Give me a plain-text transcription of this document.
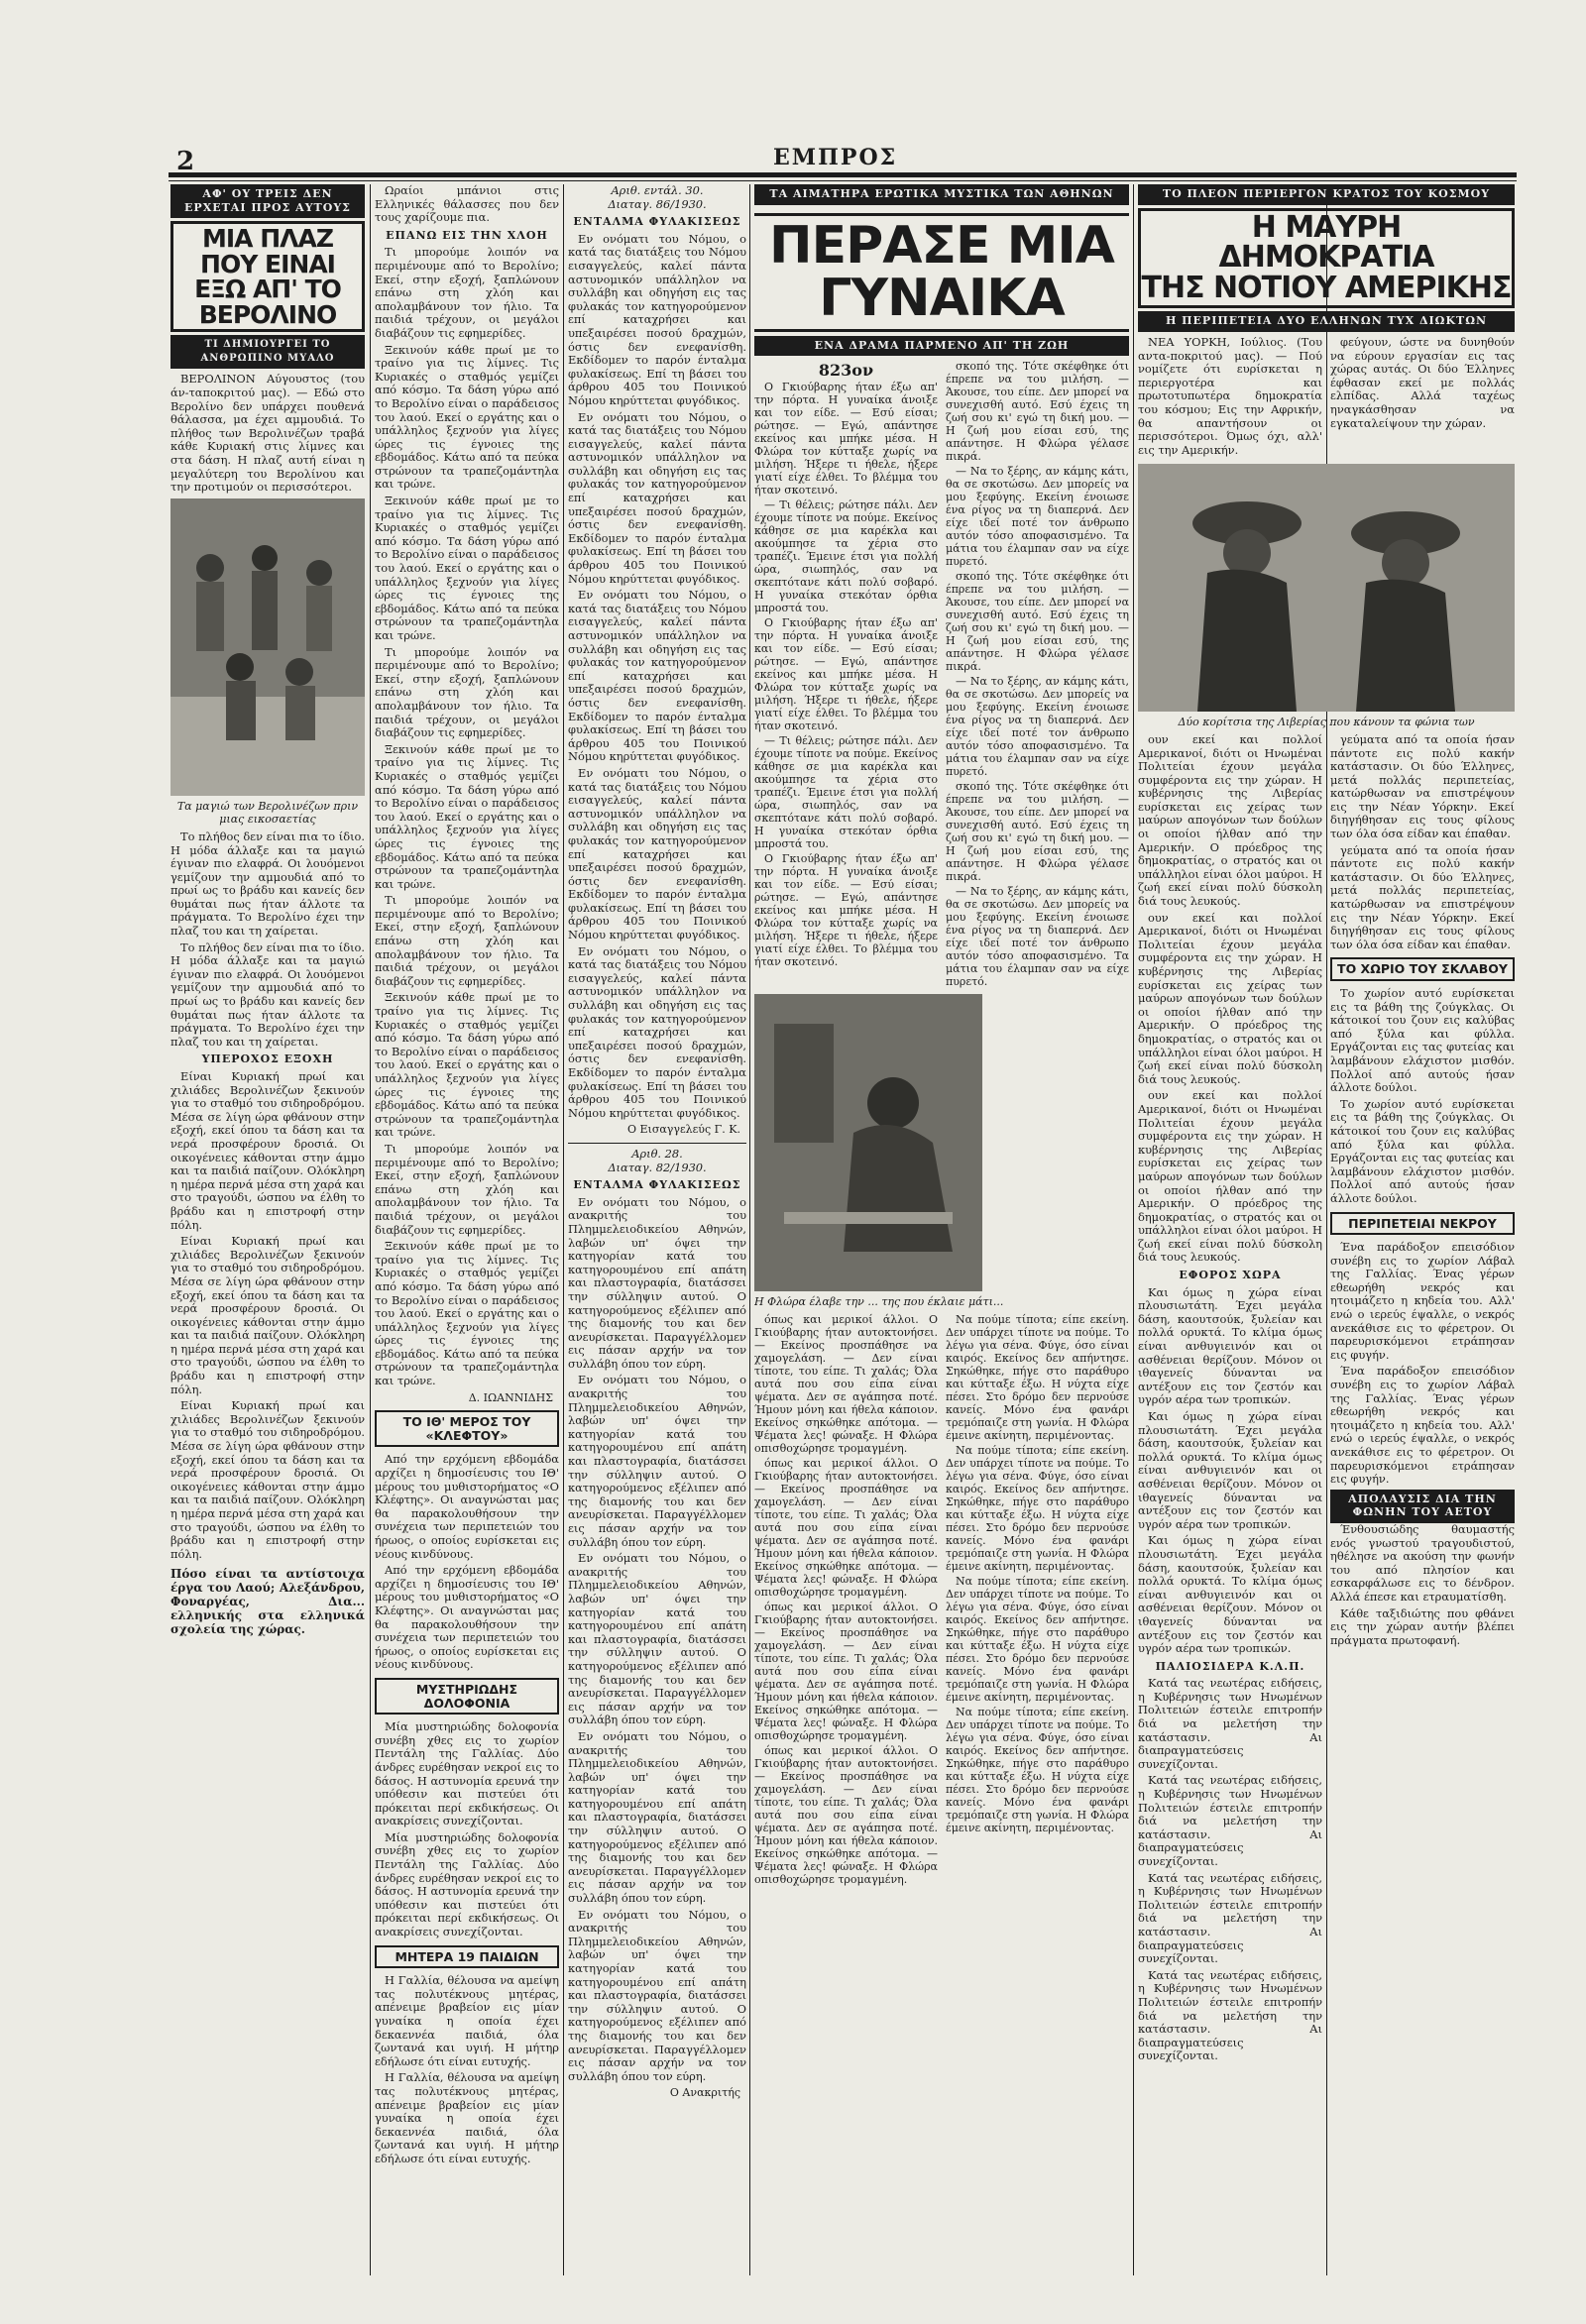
2	ΕΜΠΡΟΣ
ΑΦ' ΟΥ ΤΡΕΙΣ ΔΕΝ ΕΡΧΕΤΑΙ ΠΡΟΣ ΑΥΤΟΥΣ
ΜΙΑ ΠΛΑΖ ΠΟΥ ΕΙΝΑΙ
ΕΞΩ ΑΠ' ΤΟ ΒΕΡΟΛΙΝΟ
ΤΙ ΔΗΜΙΟΥΡΓΕΙ ΤΟ ΑΝΘΡΩΠΙΝΟ ΜΥΑΛΟ

ΒΕΡΟΛΙΝΟΝ Αύγουστος (του άν-ταποκριτού μας). — Εδώ στο Βερολίνο δεν υπάρχει πουθενά θάλασσα, μα έχει αμμουδιά. Το πλήθος των Βερολινέζων τραβά κάθε Κυριακή στις λίμνες και στα δάση. Η πλαζ αυτή είναι η μεγαλύτερη του Βερολίνου και την προτιμούν οι περισσότεροι.

Τα μαγιώ των Βερολινέζων πριν μιας εικοσαετίας

Το πλήθος δεν είναι πια το ίδιο. Η μόδα άλλαξε και τα μαγιώ έγιναν πιο ελαφρά. Οι λουόμενοι γεμίζουν την αμμουδιά από το πρωί ως το βράδυ και κανείς δεν θυμάται πως ήταν άλλοτε τα πράγματα. Το Βερολίνο έχει την πλαζ του και τη χαίρεται.

Το πλήθος δεν είναι πια το ίδιο. Η μόδα άλλαξε και τα μαγιώ έγιναν πιο ελαφρά. Οι λουόμενοι γεμίζουν την αμμουδιά από το πρωί ως το βράδυ και κανείς δεν θυμάται πως ήταν άλλοτε τα πράγματα. Το Βερολίνο έχει την πλαζ του και τη χαίρεται.

ΥΠΕΡΟΧΟΣ ΕΞΟΧΗ

Είναι Κυριακή πρωί και χιλιάδες Βερολινέζων ξεκινούν για το σταθμό του σιδηροδρόμου. Μέσα σε λίγη ώρα φθάνουν στην εξοχή, εκεί όπου τα δάση και τα νερά προσφέρουν δροσιά. Οι οικογένειες κάθονται στην άμμο και τα παιδιά παίζουν. Ολόκληρη η ημέρα περνά μέσα στη χαρά και στο τραγούδι, ώσπου να έλθη το βράδυ και η επιστροφή στην πόλη.

Είναι Κυριακή πρωί και χιλιάδες Βερολινέζων ξεκινούν για το σταθμό του σιδηροδρόμου. Μέσα σε λίγη ώρα φθάνουν στην εξοχή, εκεί όπου τα δάση και τα νερά προσφέρουν δροσιά. Οι οικογένειες κάθονται στην άμμο και τα παιδιά παίζουν. Ολόκληρη η ημέρα περνά μέσα στη χαρά και στο τραγούδι, ώσπου να έλθη το βράδυ και η επιστροφή στην πόλη.

Είναι Κυριακή πρωί και χιλιάδες Βερολινέζων ξεκινούν για το σταθμό του σιδηροδρόμου. Μέσα σε λίγη ώρα φθάνουν στην εξοχή, εκεί όπου τα δάση και τα νερά προσφέρουν δροσιά. Οι οικογένειες κάθονται στην άμμο και τα παιδιά παίζουν. Ολόκληρη η ημέρα περνά μέσα στη χαρά και στο τραγούδι, ώσπου να έλθη το βράδυ και η επιστροφή στην πόλη.

Πόσο είναι τα αντίστοιχα έργα του Λαού; Αλεξάνδρου, Φοναργέας, Δια... ελληνικής στα ελληνικά σχολεία της χώρας.

Ωραίοι μπάνιοι στις Ελληνικές θάλασσες που δεν τους χαρίζουμε πια.

ΕΠΑΝΩ ΕΙΣ ΤΗΝ ΧΛΟΗ

Τι μπορούμε λοιπόν να περιμένουμε από το Βερολίνο; Εκεί, στην εξοχή, ξαπλώνουν επάνω στη χλόη και απολαμβάνουν τον ήλιο. Τα παιδιά τρέχουν, οι μεγάλοι διαβάζουν τις εφημερίδες.

Ξεκινούν κάθε πρωί με το τραίνο για τις λίμνες. Τις Κυριακές ο σταθμός γεμίζει από κόσμο. Τα δάση γύρω από το Βερολίνο είναι ο παράδεισος του λαού. Εκεί ο εργάτης και ο υπάλληλος ξεχνούν για λίγες ώρες τις έγνοιες της εβδομάδος. Κάτω από τα πεύκα στρώνουν τα τραπεζομάντηλα και τρώνε.

Ξεκινούν κάθε πρωί με το τραίνο για τις λίμνες. Τις Κυριακές ο σταθμός γεμίζει από κόσμο. Τα δάση γύρω από το Βερολίνο είναι ο παράδεισος του λαού. Εκεί ο εργάτης και ο υπάλληλος ξεχνούν για λίγες ώρες τις έγνοιες της εβδομάδος. Κάτω από τα πεύκα στρώνουν τα τραπεζομάντηλα και τρώνε.

Τι μπορούμε λοιπόν να περιμένουμε από το Βερολίνο; Εκεί, στην εξοχή, ξαπλώνουν επάνω στη χλόη και απολαμβάνουν τον ήλιο. Τα παιδιά τρέχουν, οι μεγάλοι διαβάζουν τις εφημερίδες.

Ξεκινούν κάθε πρωί με το τραίνο για τις λίμνες. Τις Κυριακές ο σταθμός γεμίζει από κόσμο. Τα δάση γύρω από το Βερολίνο είναι ο παράδεισος του λαού. Εκεί ο εργάτης και ο υπάλληλος ξεχνούν για λίγες ώρες τις έγνοιες της εβδομάδος. Κάτω από τα πεύκα στρώνουν τα τραπεζομάντηλα και τρώνε.

Τι μπορούμε λοιπόν να περιμένουμε από το Βερολίνο; Εκεί, στην εξοχή, ξαπλώνουν επάνω στη χλόη και απολαμβάνουν τον ήλιο. Τα παιδιά τρέχουν, οι μεγάλοι διαβάζουν τις εφημερίδες.

Ξεκινούν κάθε πρωί με το τραίνο για τις λίμνες. Τις Κυριακές ο σταθμός γεμίζει από κόσμο. Τα δάση γύρω από το Βερολίνο είναι ο παράδεισος του λαού. Εκεί ο εργάτης και ο υπάλληλος ξεχνούν για λίγες ώρες τις έγνοιες της εβδομάδος. Κάτω από τα πεύκα στρώνουν τα τραπεζομάντηλα και τρώνε.

Τι μπορούμε λοιπόν να περιμένουμε από το Βερολίνο; Εκεί, στην εξοχή, ξαπλώνουν επάνω στη χλόη και απολαμβάνουν τον ήλιο. Τα παιδιά τρέχουν, οι μεγάλοι διαβάζουν τις εφημερίδες.

Ξεκινούν κάθε πρωί με το τραίνο για τις λίμνες. Τις Κυριακές ο σταθμός γεμίζει από κόσμο. Τα δάση γύρω από το Βερολίνο είναι ο παράδεισος του λαού. Εκεί ο εργάτης και ο υπάλληλος ξεχνούν για λίγες ώρες τις έγνοιες της εβδομάδος. Κάτω από τα πεύκα στρώνουν τα τραπεζομάντηλα και τρώνε.

Δ. ΙΩΑΝΝΙΔΗΣ
ΤΟ ΙΘ' ΜΕΡΟΣ ΤΟΥ «ΚΛΕΦΤΟΥ»

Από την ερχόμενη εβδομάδα αρχίζει η δημοσίευσις του ΙΘ' μέρους του μυθιστορήματος «Ο Κλέφτης». Οι αναγνώσται μας θα παρακολουθήσουν την συνέχεια των περιπετειών του ήρωος, ο οποίος ευρίσκεται εις νέους κινδύνους.

Από την ερχόμενη εβδομάδα αρχίζει η δημοσίευσις του ΙΘ' μέρους του μυθιστορήματος «Ο Κλέφτης». Οι αναγνώσται μας θα παρακολουθήσουν την συνέχεια των περιπετειών του ήρωος, ο οποίος ευρίσκεται εις νέους κινδύνους.

ΜΥΣΤΗΡΙΩΔΗΣ ΔΟΛΟΦΟΝΙΑ

Μία μυστηριώδης δολοφονία συνέβη χθες εις το χωρίον Πεντάλη της Γαλλίας. Δύο άνδρες ευρέθησαν νεκροί εις το δάσος. Η αστυνομία ερευνά την υπόθεσιν και πιστεύει ότι πρόκειται περί εκδικήσεως. Οι ανακρίσεις συνεχίζονται.

Μία μυστηριώδης δολοφονία συνέβη χθες εις το χωρίον Πεντάλη της Γαλλίας. Δύο άνδρες ευρέθησαν νεκροί εις το δάσος. Η αστυνομία ερευνά την υπόθεσιν και πιστεύει ότι πρόκειται περί εκδικήσεως. Οι ανακρίσεις συνεχίζονται.

ΜΗΤΕΡΑ 19 ΠΑΙΔΙΩΝ

Η Γαλλία, θέλουσα να αμείψη τας πολυτέκνους μητέρας, απένειμε βραβείον εις μίαν γυναίκα η οποία έχει δεκαεννέα παιδιά, όλα ζωντανά και υγιή. Η μήτηρ εδήλωσε ότι είναι ευτυχής.

Η Γαλλία, θέλουσα να αμείψη τας πολυτέκνους μητέρας, απένειμε βραβείον εις μίαν γυναίκα η οποία έχει δεκαεννέα παιδιά, όλα ζωντανά και υγιή. Η μήτηρ εδήλωσε ότι είναι ευτυχής.

Αριθ. εντάλ. 30.
Διαταγ. 86/1930.
ΕΝΤΑΛΜΑ ΦΥΛΑΚΙΣΕΩΣ

Εν ονόματι του Νόμου, ο κατά τας διατάξεις του Νόμου εισαγγελεύς, καλεί πάντα αστυνομικόν υπάλληλον να συλλάβη και οδηγήση εις τας φυλακάς τον κατηγορούμενον επί καταχρήσει και υπεξαιρέσει ποσού δραχμών, όστις δεν ενεφανίσθη. Εκδίδομεν το παρόν ένταλμα φυλακίσεως. Επί τη βάσει του άρθρου 405 του Ποινικού Νόμου κηρύττεται φυγόδικος.

Εν ονόματι του Νόμου, ο κατά τας διατάξεις του Νόμου εισαγγελεύς, καλεί πάντα αστυνομικόν υπάλληλον να συλλάβη και οδηγήση εις τας φυλακάς τον κατηγορούμενον επί καταχρήσει και υπεξαιρέσει ποσού δραχμών, όστις δεν ενεφανίσθη. Εκδίδομεν το παρόν ένταλμα φυλακίσεως. Επί τη βάσει του άρθρου 405 του Ποινικού Νόμου κηρύττεται φυγόδικος.

Εν ονόματι του Νόμου, ο κατά τας διατάξεις του Νόμου εισαγγελεύς, καλεί πάντα αστυνομικόν υπάλληλον να συλλάβη και οδηγήση εις τας φυλακάς τον κατηγορούμενον επί καταχρήσει και υπεξαιρέσει ποσού δραχμών, όστις δεν ενεφανίσθη. Εκδίδομεν το παρόν ένταλμα φυλακίσεως. Επί τη βάσει του άρθρου 405 του Ποινικού Νόμου κηρύττεται φυγόδικος.

Εν ονόματι του Νόμου, ο κατά τας διατάξεις του Νόμου εισαγγελεύς, καλεί πάντα αστυνομικόν υπάλληλον να συλλάβη και οδηγήση εις τας φυλακάς τον κατηγορούμενον επί καταχρήσει και υπεξαιρέσει ποσού δραχμών, όστις δεν ενεφανίσθη. Εκδίδομεν το παρόν ένταλμα φυλακίσεως. Επί τη βάσει του άρθρου 405 του Ποινικού Νόμου κηρύττεται φυγόδικος.

Εν ονόματι του Νόμου, ο κατά τας διατάξεις του Νόμου εισαγγελεύς, καλεί πάντα αστυνομικόν υπάλληλον να συλλάβη και οδηγήση εις τας φυλακάς τον κατηγορούμενον επί καταχρήσει και υπεξαιρέσει ποσού δραχμών, όστις δεν ενεφανίσθη. Εκδίδομεν το παρόν ένταλμα φυλακίσεως. Επί τη βάσει του άρθρου 405 του Ποινικού Νόμου κηρύττεται φυγόδικος.

Ο Εισαγγελεύς Γ. Κ.
Αριθ. 28.
Διαταγ. 82/1930.
ΕΝΤΑΛΜΑ ΦΥΛΑΚΙΣΕΩΣ

Εν ονόματι του Νόμου, ο ανακριτής του Πλημμελειοδικείου Αθηνών, λαβών υπ' όψει την κατηγορίαν κατά του κατηγορουμένου επί απάτη και πλαστογραφία, διατάσσει την σύλληψιν αυτού. Ο κατηγορούμενος εξέλιπεν από της διαμονής του και δεν ανευρίσκεται. Παραγγέλλομεν εις πάσαν αρχήν να τον συλλάβη όπου τον εύρη.

Εν ονόματι του Νόμου, ο ανακριτής του Πλημμελειοδικείου Αθηνών, λαβών υπ' όψει την κατηγορίαν κατά του κατηγορουμένου επί απάτη και πλαστογραφία, διατάσσει την σύλληψιν αυτού. Ο κατηγορούμενος εξέλιπεν από της διαμονής του και δεν ανευρίσκεται. Παραγγέλλομεν εις πάσαν αρχήν να τον συλλάβη όπου τον εύρη.

Εν ονόματι του Νόμου, ο ανακριτής του Πλημμελειοδικείου Αθηνών, λαβών υπ' όψει την κατηγορίαν κατά του κατηγορουμένου επί απάτη και πλαστογραφία, διατάσσει την σύλληψιν αυτού. Ο κατηγορούμενος εξέλιπεν από της διαμονής του και δεν ανευρίσκεται. Παραγγέλλομεν εις πάσαν αρχήν να τον συλλάβη όπου τον εύρη.

Εν ονόματι του Νόμου, ο ανακριτής του Πλημμελειοδικείου Αθηνών, λαβών υπ' όψει την κατηγορίαν κατά του κατηγορουμένου επί απάτη και πλαστογραφία, διατάσσει την σύλληψιν αυτού. Ο κατηγορούμενος εξέλιπεν από της διαμονής του και δεν ανευρίσκεται. Παραγγέλλομεν εις πάσαν αρχήν να τον συλλάβη όπου τον εύρη.

Εν ονόματι του Νόμου, ο ανακριτής του Πλημμελειοδικείου Αθηνών, λαβών υπ' όψει την κατηγορίαν κατά του κατηγορουμένου επί απάτη και πλαστογραφία, διατάσσει την σύλληψιν αυτού. Ο κατηγορούμενος εξέλιπεν από της διαμονής του και δεν ανευρίσκεται. Παραγγέλλομεν εις πάσαν αρχήν να τον συλλάβη όπου τον εύρη.

Ο Ανακριτής
ΤΑ ΑΙΜΑΤΗΡΑ ΕΡΩΤΙΚΑ ΜΥΣΤΙΚΑ ΤΩΝ ΑΘΗΝΩΝ
ΠΕΡΑΣΕ ΜΙΑ ΓΥΝΑΙΚΑ
ΕΝΑ ΔΡΑΜΑ ΠΑΡΜΕΝΟ ΑΠ' ΤΗ ΖΩΗ
823ον

Ο Γκιούβαρης ήταν έξω απ' την πόρτα. Η γυναίκα άνοιξε και τον είδε. — Εσύ είσαι; ρώτησε. — Εγώ, απάντησε εκείνος και μπήκε μέσα. Η Φλώρα τον κύτταξε χωρίς να μιλήση. Ήξερε τι ήθελε, ήξερε γιατί είχε έλθει. Το βλέμμα του ήταν σκοτεινό.

— Τι θέλεις; ρώτησε πάλι. Δεν έχουμε τίποτε να πούμε. Εκείνος κάθησε σε μια καρέκλα και ακούμπησε τα χέρια στο τραπέζι. Έμεινε έτσι για πολλή ώρα, σιωπηλός, σαν να σκεπτότανε κάτι πολύ σοβαρό. Η γυναίκα στεκόταν όρθια μπροστά του.

Ο Γκιούβαρης ήταν έξω απ' την πόρτα. Η γυναίκα άνοιξε και τον είδε. — Εσύ είσαι; ρώτησε. — Εγώ, απάντησε εκείνος και μπήκε μέσα. Η Φλώρα τον κύτταξε χωρίς να μιλήση. Ήξερε τι ήθελε, ήξερε γιατί είχε έλθει. Το βλέμμα του ήταν σκοτεινό.

— Τι θέλεις; ρώτησε πάλι. Δεν έχουμε τίποτε να πούμε. Εκείνος κάθησε σε μια καρέκλα και ακούμπησε τα χέρια στο τραπέζι. Έμεινε έτσι για πολλή ώρα, σιωπηλός, σαν να σκεπτότανε κάτι πολύ σοβαρό. Η γυναίκα στεκόταν όρθια μπροστά του.

Ο Γκιούβαρης ήταν έξω απ' την πόρτα. Η γυναίκα άνοιξε και τον είδε. — Εσύ είσαι; ρώτησε. — Εγώ, απάντησε εκείνος και μπήκε μέσα. Η Φλώρα τον κύτταξε χωρίς να μιλήση. Ήξερε τι ήθελε, ήξερε γιατί είχε έλθει. Το βλέμμα του ήταν σκοτεινό.

σκοπό της. Τότε σκέφθηκε ότι έπρεπε να του μιλήση. — Άκουσε, του είπε. Δεν μπορεί να συνεχισθή αυτό. Εσύ έχεις τη ζωή σου κι' εγώ τη δική μου. — Η ζωή μου είσαι εσύ, της απάντησε. Η Φλώρα γέλασε πικρά.

— Να το ξέρης, αν κάμης κάτι, θα σε σκοτώσω. Δεν μπορείς να μου ξεφύγης. Εκείνη ένοιωσε ένα ρίγος να τη διαπερνά. Δεν είχε ιδεί ποτέ τον άνθρωπο αυτόν τόσο αποφασισμένο. Τα μάτια του έλαμπαν σαν να είχε πυρετό.

σκοπό της. Τότε σκέφθηκε ότι έπρεπε να του μιλήση. — Άκουσε, του είπε. Δεν μπορεί να συνεχισθή αυτό. Εσύ έχεις τη ζωή σου κι' εγώ τη δική μου. — Η ζωή μου είσαι εσύ, της απάντησε. Η Φλώρα γέλασε πικρά.

— Να το ξέρης, αν κάμης κάτι, θα σε σκοτώσω. Δεν μπορείς να μου ξεφύγης. Εκείνη ένοιωσε ένα ρίγος να τη διαπερνά. Δεν είχε ιδεί ποτέ τον άνθρωπο αυτόν τόσο αποφασισμένο. Τα μάτια του έλαμπαν σαν να είχε πυρετό.

σκοπό της. Τότε σκέφθηκε ότι έπρεπε να του μιλήση. — Άκουσε, του είπε. Δεν μπορεί να συνεχισθή αυτό. Εσύ έχεις τη ζωή σου κι' εγώ τη δική μου. — Η ζωή μου είσαι εσύ, της απάντησε. Η Φλώρα γέλασε πικρά.

— Να το ξέρης, αν κάμης κάτι, θα σε σκοτώσω. Δεν μπορείς να μου ξεφύγης. Εκείνη ένοιωσε ένα ρίγος να τη διαπερνά. Δεν είχε ιδεί ποτέ τον άνθρωπο αυτόν τόσο αποφασισμένο. Τα μάτια του έλαμπαν σαν να είχε πυρετό.

Η Φλώρα έλαβε την ... της που έκλαιε μάτι...

όπως και μερικοί άλλοι. Ο Γκιούβαρης ήταν αυτοκτονήσει. — Εκείνος προσπάθησε να χαμογελάση. — Δεν είναι τίποτε, του είπε. Τι χαλάς; Όλα αυτά που σου είπα είναι ψέματα. Δεν σε αγάπησα ποτέ. Ήμουν μόνη και ήθελα κάποιον. Εκείνος σηκώθηκε απότομα. — Ψέματα λες! φώναξε. Η Φλώρα οπισθοχώρησε τρομαγμένη.

όπως και μερικοί άλλοι. Ο Γκιούβαρης ήταν αυτοκτονήσει. — Εκείνος προσπάθησε να χαμογελάση. — Δεν είναι τίποτε, του είπε. Τι χαλάς; Όλα αυτά που σου είπα είναι ψέματα. Δεν σε αγάπησα ποτέ. Ήμουν μόνη και ήθελα κάποιον. Εκείνος σηκώθηκε απότομα. — Ψέματα λες! φώναξε. Η Φλώρα οπισθοχώρησε τρομαγμένη.

όπως και μερικοί άλλοι. Ο Γκιούβαρης ήταν αυτοκτονήσει. — Εκείνος προσπάθησε να χαμογελάση. — Δεν είναι τίποτε, του είπε. Τι χαλάς; Όλα αυτά που σου είπα είναι ψέματα. Δεν σε αγάπησα ποτέ. Ήμουν μόνη και ήθελα κάποιον. Εκείνος σηκώθηκε απότομα. — Ψέματα λες! φώναξε. Η Φλώρα οπισθοχώρησε τρομαγμένη.

όπως και μερικοί άλλοι. Ο Γκιούβαρης ήταν αυτοκτονήσει. — Εκείνος προσπάθησε να χαμογελάση. — Δεν είναι τίποτε, του είπε. Τι χαλάς; Όλα αυτά που σου είπα είναι ψέματα. Δεν σε αγάπησα ποτέ. Ήμουν μόνη και ήθελα κάποιον. Εκείνος σηκώθηκε απότομα. — Ψέματα λες! φώναξε. Η Φλώρα οπισθοχώρησε τρομαγμένη.

Να πούμε τίποτα; είπε εκείνη. Δεν υπάρχει τίποτε να πούμε. Το λέγω για σένα. Φύγε, όσο είναι καιρός. Εκείνος δεν απήντησε. Σηκώθηκε, πήγε στο παράθυρο και κύτταξε έξω. Η νύχτα είχε πέσει. Στο δρόμο δεν περνούσε κανείς. Μόνο ένα φανάρι τρεμόπαιζε στη γωνία. Η Φλώρα έμεινε ακίνητη, περιμένοντας.

Να πούμε τίποτα; είπε εκείνη. Δεν υπάρχει τίποτε να πούμε. Το λέγω για σένα. Φύγε, όσο είναι καιρός. Εκείνος δεν απήντησε. Σηκώθηκε, πήγε στο παράθυρο και κύτταξε έξω. Η νύχτα είχε πέσει. Στο δρόμο δεν περνούσε κανείς. Μόνο ένα φανάρι τρεμόπαιζε στη γωνία. Η Φλώρα έμεινε ακίνητη, περιμένοντας.

Να πούμε τίποτα; είπε εκείνη. Δεν υπάρχει τίποτε να πούμε. Το λέγω για σένα. Φύγε, όσο είναι καιρός. Εκείνος δεν απήντησε. Σηκώθηκε, πήγε στο παράθυρο και κύτταξε έξω. Η νύχτα είχε πέσει. Στο δρόμο δεν περνούσε κανείς. Μόνο ένα φανάρι τρεμόπαιζε στη γωνία. Η Φλώρα έμεινε ακίνητη, περιμένοντας.

Να πούμε τίποτα; είπε εκείνη. Δεν υπάρχει τίποτε να πούμε. Το λέγω για σένα. Φύγε, όσο είναι καιρός. Εκείνος δεν απήντησε. Σηκώθηκε, πήγε στο παράθυρο και κύτταξε έξω. Η νύχτα είχε πέσει. Στο δρόμο δεν περνούσε κανείς. Μόνο ένα φανάρι τρεμόπαιζε στη γωνία. Η Φλώρα έμεινε ακίνητη, περιμένοντας.

ΤΟ ΠΛΕΟΝ ΠΕΡΙΕΡΓΟΝ ΚΡΑΤΟΣ ΤΟΥ ΚΟΣΜΟΥ
Η ΜΑΥΡΗ ΔΗΜΟΚΡΑΤΙΑ
ΤΗΣ ΝΟΤΙΟΥ ΑΜΕΡΙΚΗΣ
Η ΠΕΡΙΠΕΤΕΙΑ ΔΥΟ ΕΛΛΗΝΩΝ ΤΥΧ ΔΙΩΚΤΩΝ

ΝΕΑ ΥΟΡΚΗ, Ιούλιος. (Του αντα-ποκριτού μας). — Πού νομίζετε ότι ευρίσκεται η περιεργοτέρα και πρωτοτυπωτέρα δημοκρατία του κόσμου; Εις την Αφρικήν, θα απαντήσουν οι περισσότεροι. Όμως όχι, αλλ' εις την Αμερικήν.

φεύγουν, ώστε να δυνηθούν να εύρουν εργασίαν εις τας χώρας αυτάς. Οι δύο Έλληνες έφθασαν εκεί με πολλάς ελπίδας. Αλλά ταχέως ηναγκάσθησαν να εγκαταλείψουν την χώραν.

Δύο κορίτσια της Λιβερίας που κάνουν τα φώνια των

ουν εκεί και πολλοί Αμερικανοί, διότι οι Ηνωμέναι Πολιτείαι έχουν μεγάλα συμφέροντα εις την χώραν. Η κυβέρνησις της Λιβερίας ευρίσκεται εις χείρας των μαύρων απογόνων των δούλων οι οποίοι ήλθαν από την Αμερικήν. Ο πρόεδρος της δημοκρατίας, ο στρατός και οι υπάλληλοι είναι όλοι μαύροι. Η ζωή εκεί είναι πολύ δύσκολη διά τους λευκούς.

ουν εκεί και πολλοί Αμερικανοί, διότι οι Ηνωμέναι Πολιτείαι έχουν μεγάλα συμφέροντα εις την χώραν. Η κυβέρνησις της Λιβερίας ευρίσκεται εις χείρας των μαύρων απογόνων των δούλων οι οποίοι ήλθαν από την Αμερικήν. Ο πρόεδρος της δημοκρατίας, ο στρατός και οι υπάλληλοι είναι όλοι μαύροι. Η ζωή εκεί είναι πολύ δύσκολη διά τους λευκούς.

ουν εκεί και πολλοί Αμερικανοί, διότι οι Ηνωμέναι Πολιτείαι έχουν μεγάλα συμφέροντα εις την χώραν. Η κυβέρνησις της Λιβερίας ευρίσκεται εις χείρας των μαύρων απογόνων των δούλων οι οποίοι ήλθαν από την Αμερικήν. Ο πρόεδρος της δημοκρατίας, ο στρατός και οι υπάλληλοι είναι όλοι μαύροι. Η ζωή εκεί είναι πολύ δύσκολη διά τους λευκούς.

ΕΦΟΡΟΣ ΧΩΡΑ

Και όμως η χώρα είναι πλουσιωτάτη. Έχει μεγάλα δάση, καουτσούκ, ξυλείαν και πολλά ορυκτά. Το κλίμα όμως είναι ανθυγιεινόν και οι ασθένειαι θερίζουν. Μόνον οι ιθαγενείς δύνανται να αντέξουν εις τον ζεστόν και υγρόν αέρα των τροπικών.

Και όμως η χώρα είναι πλουσιωτάτη. Έχει μεγάλα δάση, καουτσούκ, ξυλείαν και πολλά ορυκτά. Το κλίμα όμως είναι ανθυγιεινόν και οι ασθένειαι θερίζουν. Μόνον οι ιθαγενείς δύνανται να αντέξουν εις τον ζεστόν και υγρόν αέρα των τροπικών.

Και όμως η χώρα είναι πλουσιωτάτη. Έχει μεγάλα δάση, καουτσούκ, ξυλείαν και πολλά ορυκτά. Το κλίμα όμως είναι ανθυγιεινόν και οι ασθένειαι θερίζουν. Μόνον οι ιθαγενείς δύνανται να αντέξουν εις τον ζεστόν και υγρόν αέρα των τροπικών.

ΠΑΛΙΟΣΙΔΕΡΑ Κ.Λ.Π.

Κατά τας νεωτέρας ειδήσεις, η Κυβέρνησις των Ηνωμένων Πολιτειών έστειλε επιτροπήν διά να μελετήση την κατάστασιν. Αι διαπραγματεύσεις συνεχίζονται.

Κατά τας νεωτέρας ειδήσεις, η Κυβέρνησις των Ηνωμένων Πολιτειών έστειλε επιτροπήν διά να μελετήση την κατάστασιν. Αι διαπραγματεύσεις συνεχίζονται.

Κατά τας νεωτέρας ειδήσεις, η Κυβέρνησις των Ηνωμένων Πολιτειών έστειλε επιτροπήν διά να μελετήση την κατάστασιν. Αι διαπραγματεύσεις συνεχίζονται.

Κατά τας νεωτέρας ειδήσεις, η Κυβέρνησις των Ηνωμένων Πολιτειών έστειλε επιτροπήν διά να μελετήση την κατάστασιν. Αι διαπραγματεύσεις συνεχίζονται.

γεύματα από τα οποία ήσαν πάντοτε εις πολύ κακήν κατάστασιν. Οι δύο Έλληνες, μετά πολλάς περιπετείας, κατώρθωσαν να επιστρέψουν εις την Νέαν Υόρκην. Εκεί διηγήθησαν εις τους φίλους των όλα όσα είδαν και έπαθαν.

γεύματα από τα οποία ήσαν πάντοτε εις πολύ κακήν κατάστασιν. Οι δύο Έλληνες, μετά πολλάς περιπετείας, κατώρθωσαν να επιστρέψουν εις την Νέαν Υόρκην. Εκεί διηγήθησαν εις τους φίλους των όλα όσα είδαν και έπαθαν.

ΤΟ ΧΩΡΙΟ ΤΟΥ ΣΚΛΑΒΟΥ

Το χωρίον αυτό ευρίσκεται εις τα βάθη της ζούγκλας. Οι κάτοικοί του ζουν εις καλύβας από ξύλα και φύλλα. Εργάζονται εις τας φυτείας και λαμβάνουν ελάχιστον μισθόν. Πολλοί από αυτούς ήσαν άλλοτε δούλοι.

Το χωρίον αυτό ευρίσκεται εις τα βάθη της ζούγκλας. Οι κάτοικοί του ζουν εις καλύβας από ξύλα και φύλλα. Εργάζονται εις τας φυτείας και λαμβάνουν ελάχιστον μισθόν. Πολλοί από αυτούς ήσαν άλλοτε δούλοι.

ΠΕΡΙΠΕΤΕΙΑΙ ΝΕΚΡΟΥ

Ένα παράδοξον επεισόδιον συνέβη εις το χωρίον Λάβαλ της Γαλλίας. Ένας γέρων εθεωρήθη νεκρός και ητοιμάζετο η κηδεία του. Αλλ' ενώ ο ιερεύς έψαλλε, ο νεκρός ανεκάθισε εις το φέρετρον. Οι παρευρισκόμενοι ετράπησαν εις φυγήν.

Ένα παράδοξον επεισόδιον συνέβη εις το χωρίον Λάβαλ της Γαλλίας. Ένας γέρων εθεωρήθη νεκρός και ητοιμάζετο η κηδεία του. Αλλ' ενώ ο ιερεύς έψαλλε, ο νεκρός ανεκάθισε εις το φέρετρον. Οι παρευρισκόμενοι ετράπησαν εις φυγήν.

ΑΠΟΛΑΥΣΙΣ ΔΙΑ ΤΗΝ ΦΩΝΗΝ ΤΟΥ ΑΕΤΟΥ

Ένθουσιώδης θαυμαστής ενός γνωστού τραγουδιστού, ηθέλησε να ακούση την φωνήν του από πλησίον και εσκαρφάλωσε εις το δένδρον. Αλλά έπεσε και ετραυματίσθη.

Κάθε ταξιδιώτης που φθάνει εις την χώραν αυτήν βλέπει πράγματα πρωτοφανή.
